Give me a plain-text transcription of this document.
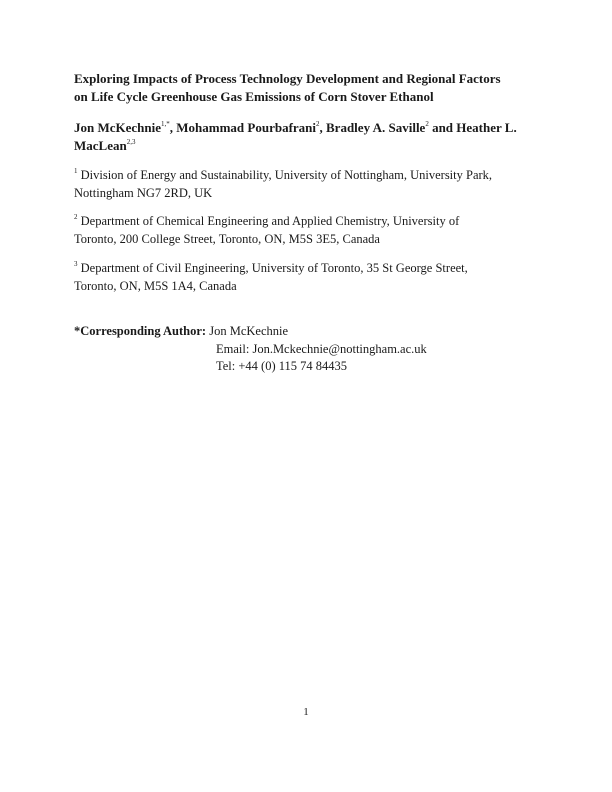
Exploring Impacts of Process Technology Development and Regional Factors
on Life Cycle Greenhouse Gas Emissions of Corn Stover Ethanol
Jon McKechnie$^{1,*}$, Mohammad Pourbafrani$^2$, Bradley A. Saville$^2$ and Heather L. MacLean$^{2,3}$
$^1$ Division of Energy and Sustainability, University of Nottingham, University Park,
Nottingham NG7 2RD, UK
$^2$ Department of Chemical Engineering and Applied Chemistry, University of
Toronto, 200 College Street, Toronto, ON, M5S 3E5, Canada
$^3$ Department of Civil Engineering, University of Toronto, 35 St George Street,
Toronto, ON, M5S 1A4, Canada
*Corresponding Author: Jon McKechnie
Email: Jon.Mckechnie@nottingham.ac.uk
Tel: +44 (0) 115 74 84435
1
